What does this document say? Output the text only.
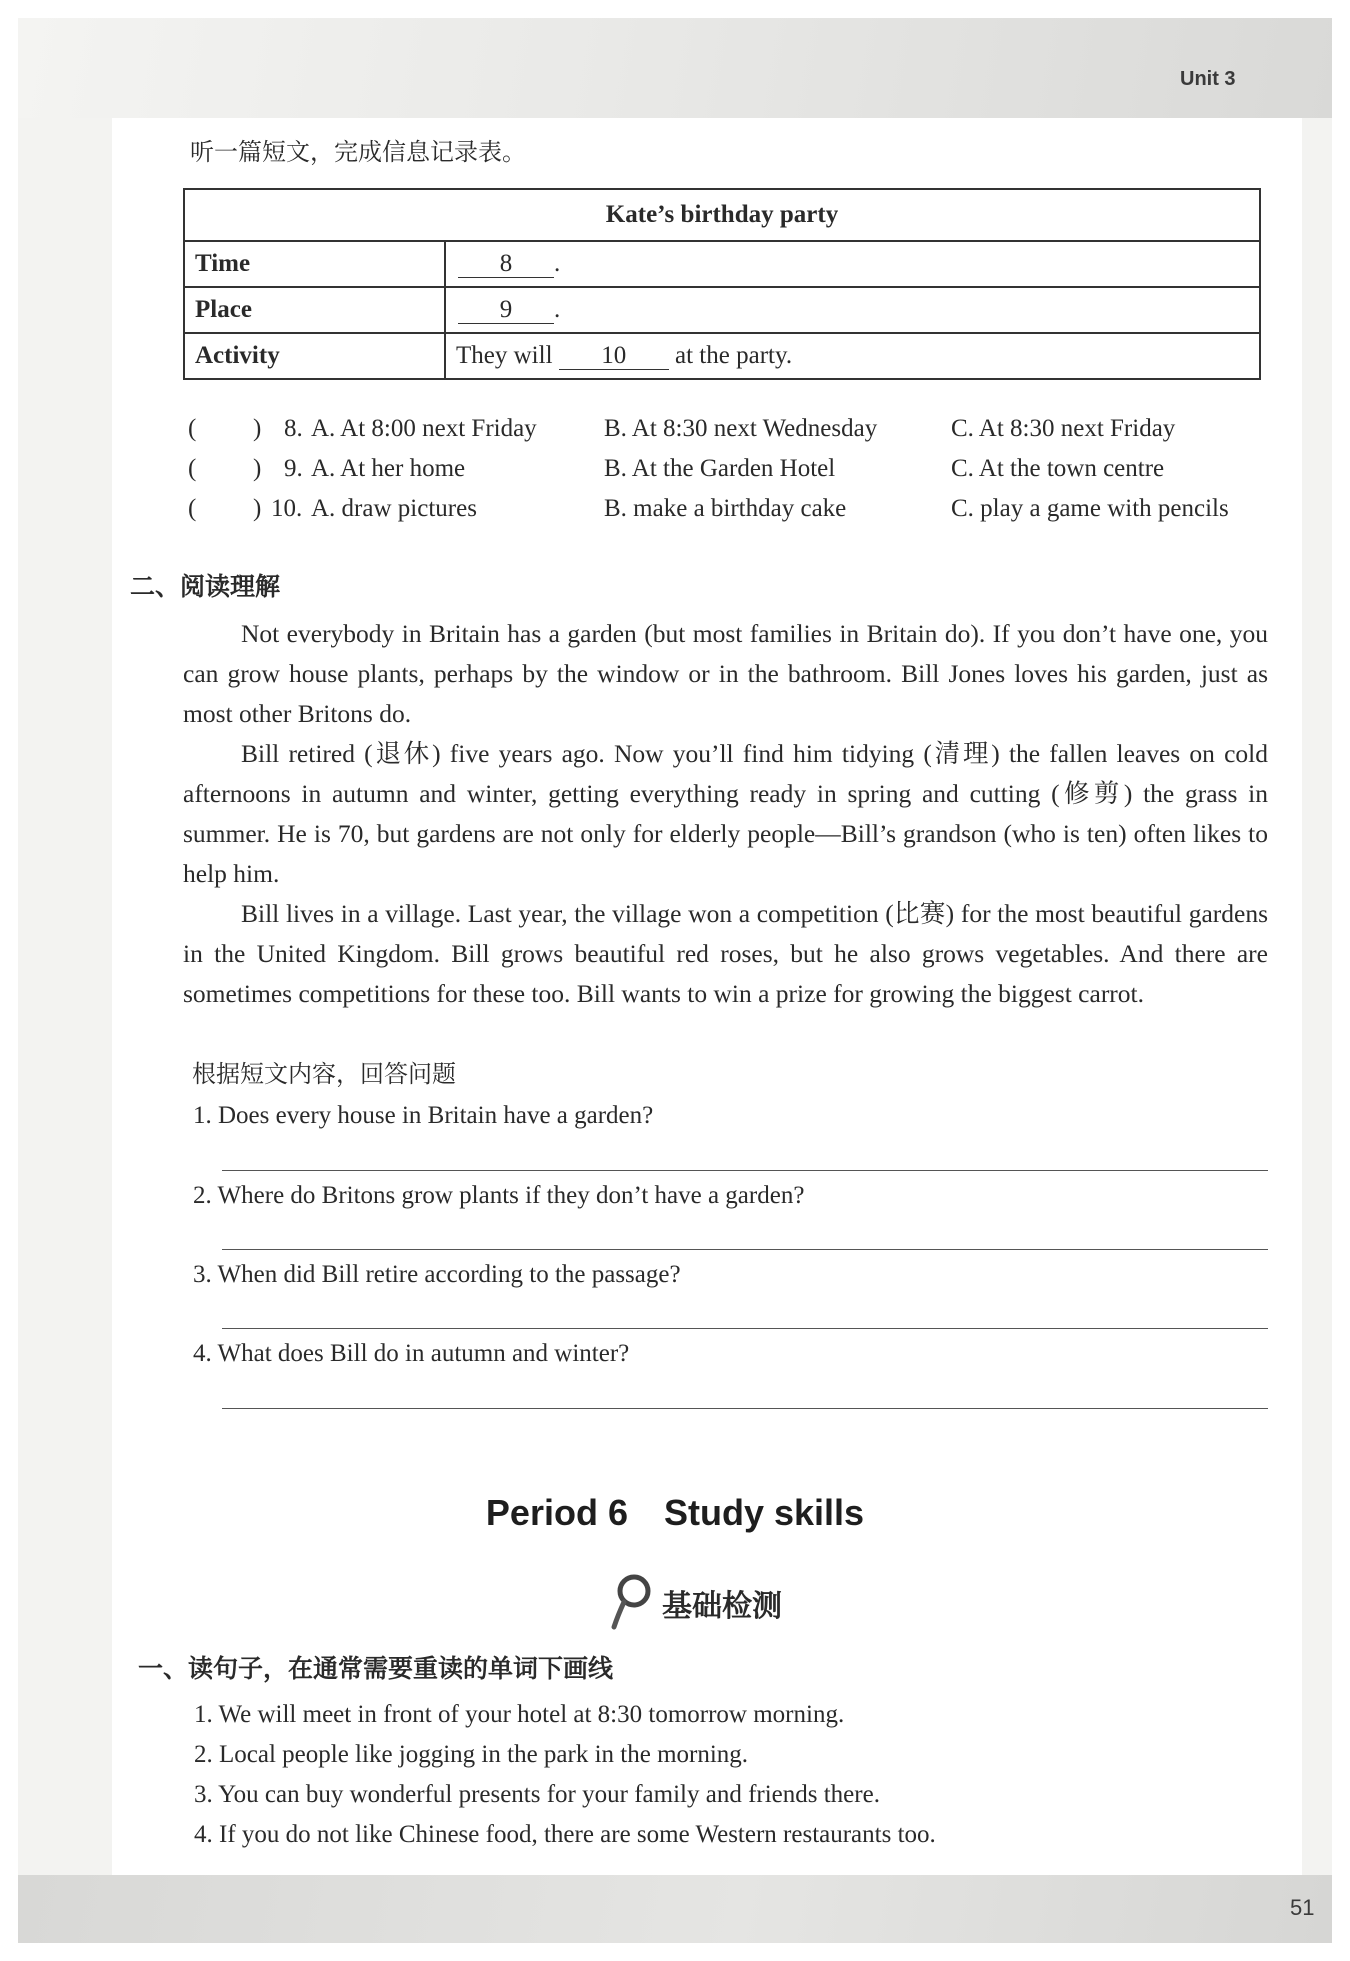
Unit 3
听一篇短文，完成信息记录表。
Kate’s birthday party	
Time	8 .
Place	9 .
Activity	They will 10 at the party.
( ) 8. A. At 8:00 next Friday	B. At 8:30 next Wednesday	C. At 8:30 next Friday
( ) 9. A. At her home	B. At the Garden Hotel	C. At the town centre
( ) 10. A. draw pictures	B. make a birthday cake	C. play a game with pencils
二、阅读理解
Not everybody in Britain has a garden (but most families in Britain do). If you don’t have one, you can grow house plants, perhaps by the window or in the bathroom. Bill Jones loves his garden, just as most other Britons do.
Bill retired (退休) five years ago. Now you’ll find him tidying (清理) the fallen leaves on cold afternoons in autumn and winter, getting everything ready in spring and cutting (修剪) the grass in summer. He is 70, but gardens are not only for elderly people—Bill’s grandson (who is ten) often likes to help him.
Bill lives in a village. Last year, the village won a competition (比赛) for the most beautiful gardens in the United Kingdom. Bill grows beautiful red roses, but he also grows vegetables. And there are sometimes competitions for these too. Bill wants to win a prize for growing the biggest carrot.
根据短文内容，回答问题
1. Does every house in Britain have a garden?
2. Where do Britons grow plants if they don’t have a garden?
3. When did Bill retire according to the passage?
4. What does Bill do in autumn and winter?
Period 6 Study skills
基础检测
一、读句子，在通常需要重读的单词下画线
1. We will meet in front of your hotel at 8:30 tomorrow morning.
2. Local people like jogging in the park in the morning.
3. You can buy wonderful presents for your family and friends there.
4. If you do not like Chinese food, there are some Western restaurants too.
51
